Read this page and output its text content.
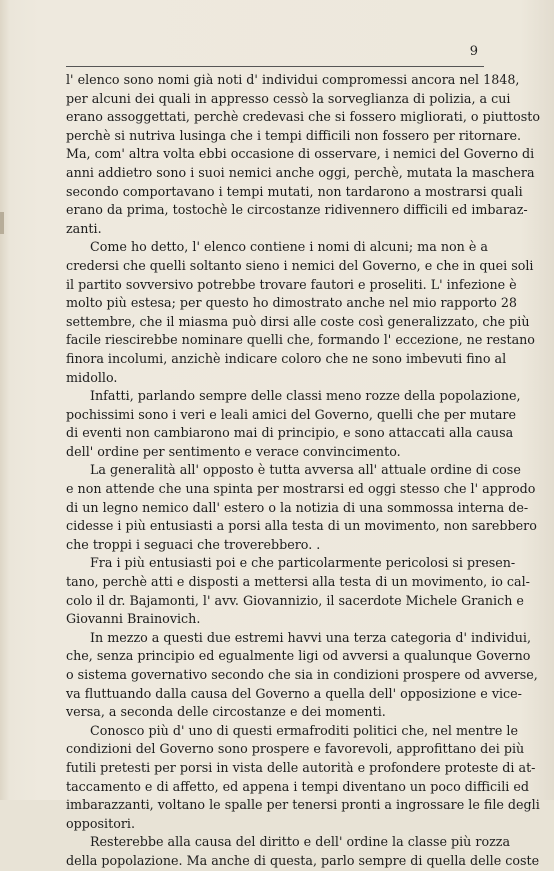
9
l' elenco sono nomi già noti d' individui compromessi ancora nel 1848,
per alcuni dei quali in appresso cessò la sorveglianza di polizia, a cui
erano assoggettati, perchè credevasi che si fossero migliorati, o piuttosto
perchè si nutriva lusinga che i tempi difficili non fossero per ritornare.
Ma, com' altra volta ebbi occasione di osservare, i nemici del Governo di
anni addietro sono i suoi nemici anche oggi, perchè, mutata la maschera
secondo comportavano i tempi mutati, non tardarono a mostrarsi quali
erano da prima, tostochè le circostanze ridivennero difficili ed imbaraz-
zanti.
Come ho detto, l' elenco contiene i nomi di alcuni; ma non è a
credersi che quelli soltanto sieno i nemici del Governo, e che in quei soli
il partito sovversivo potrebbe trovare fautori e proseliti. L' infezione è
molto più estesa; per questo ho dimostrato anche nel mio rapporto 28
settembre, che il miasma può dirsi alle coste così generalizzato, che più
facile riescirebbe nominare quelli che, formando l' eccezione, ne restano
finora incolumi, anzichè indicare coloro che ne sono imbevuti fino al
midollo.
Infatti, parlando sempre delle classi meno rozze della popolazione,
pochissimi sono i veri e leali amici del Governo, quelli che per mutare
di eventi non cambiarono mai di principio, e sono attaccati alla causa
dell' ordine per sentimento e verace convincimento.
La generalità all' opposto è tutta avversa all' attuale ordine di cose
e non attende che una spinta per mostrarsi ed oggi stesso che l' approdo
di un legno nemico dall' estero o la notizia di una sommossa interna de-
cidesse i più entusiasti a porsi alla testa di un movimento, non sarebbero
che troppi i seguaci che troverebbero. .
Fra i più entusiasti poi e che particolarmente pericolosi si presen-
tano, perchè atti e disposti a mettersi alla testa di un movimento, io cal-
colo il dr. Bajamonti, l' avv. Giovannizio, il sacerdote Michele Granich e
Giovanni Brainovich.
In mezzo a questi due estremi havvi una terza categoria d' individui,
che, senza principio ed egualmente ligi od avversi a qualunque Governo
o sistema governativo secondo che sia in condizioni prospere od avverse,
va fluttuando dalla causa del Governo a quella dell' opposizione e vice-
versa, a seconda delle circostanze e dei momenti.
Conosco più d' uno di questi ermafroditi politici che, nel mentre le
condizioni del Governo sono prospere e favorevoli, approfittano dei più
futili pretesti per porsi in vista delle autorità e profondere proteste di at-
taccamento e di affetto, ed appena i tempi diventano un poco difficili ed
imbarazzanti, voltano le spalle per tenersi pronti a ingrossare le file degli
oppositori.
Resterebbe alla causa del diritto e dell' ordine la classe più rozza
della popolazione. Ma anche di questa, parlo sempre di quella delle coste
